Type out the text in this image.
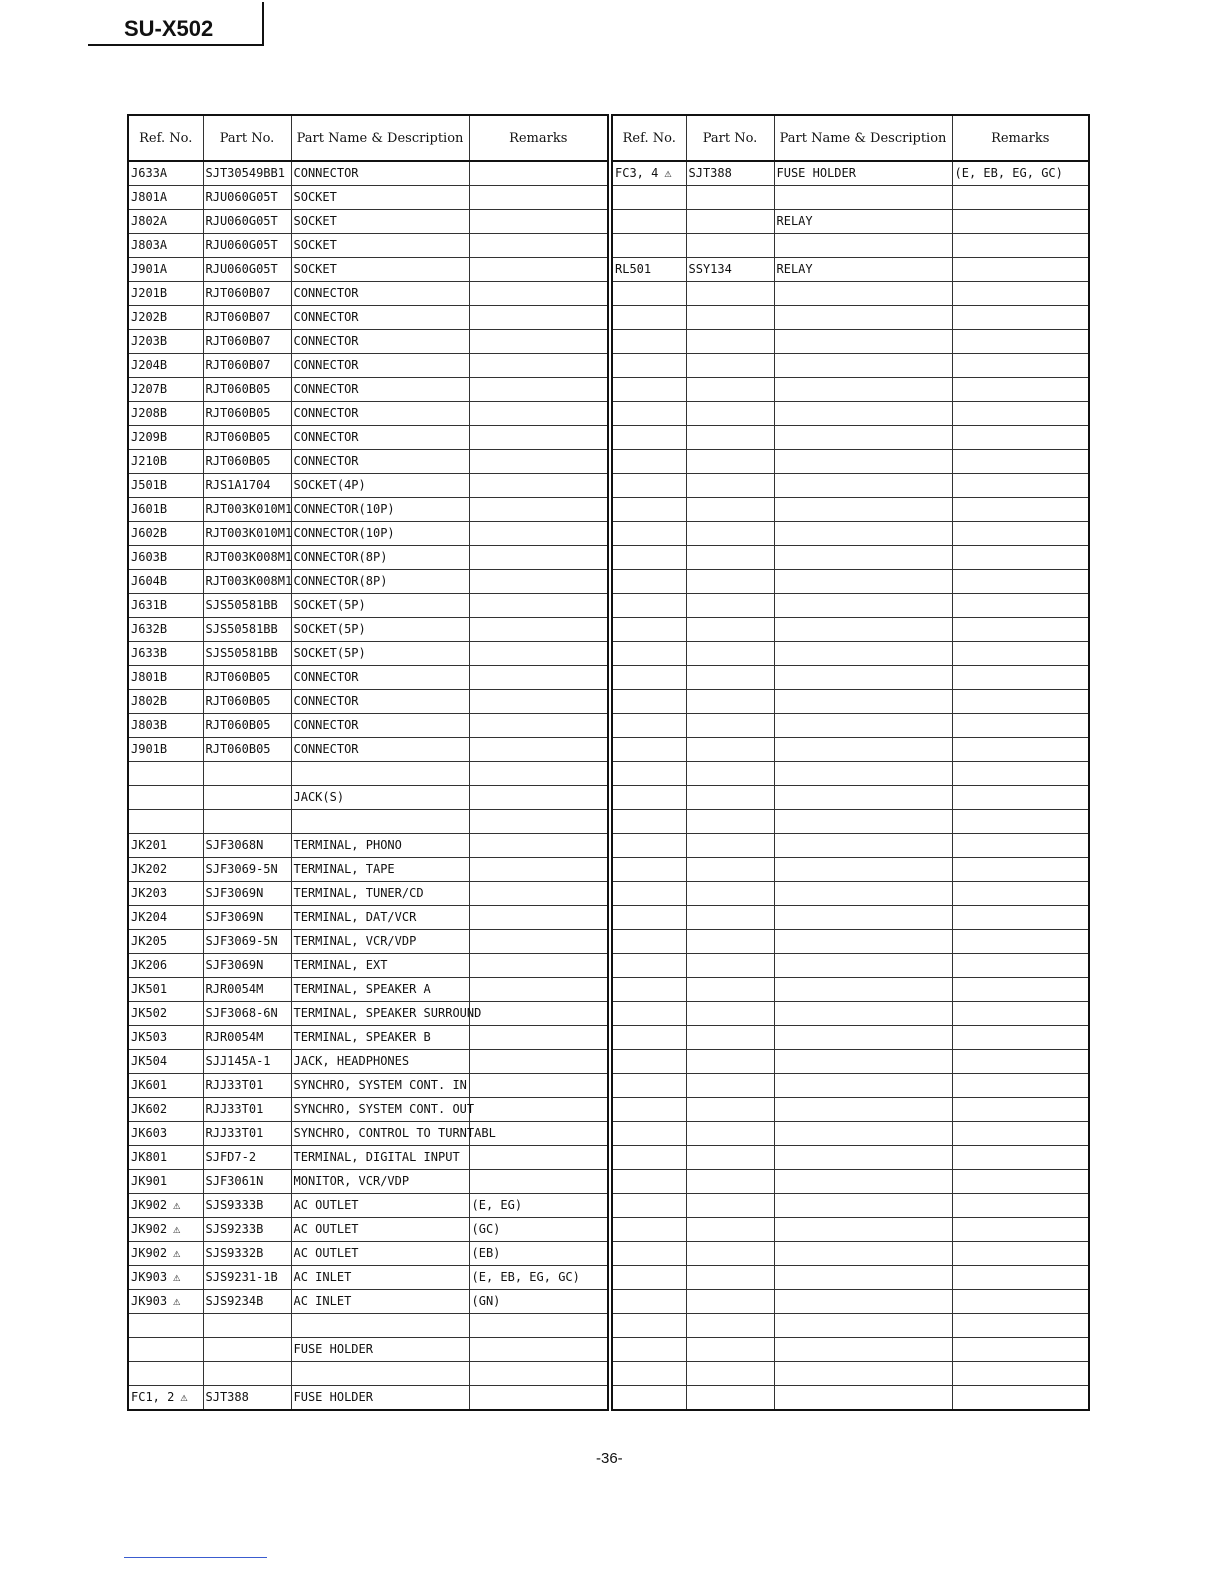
SU-X502
Ref. No.	Part No.	Part Name & Description	Remarks
J633A	SJT30549BB1	CONNECTOR	
J801A	RJU060G05T	SOCKET	
J802A	RJU060G05T	SOCKET	
J803A	RJU060G05T	SOCKET	
J901A	RJU060G05T	SOCKET	
J201B	RJT060B07	CONNECTOR	
J202B	RJT060B07	CONNECTOR	
J203B	RJT060B07	CONNECTOR	
J204B	RJT060B07	CONNECTOR	
J207B	RJT060B05	CONNECTOR	
J208B	RJT060B05	CONNECTOR	
J209B	RJT060B05	CONNECTOR	
J210B	RJT060B05	CONNECTOR	
J501B	RJS1A1704	SOCKET(4P)	
J601B	RJT003K010M1	CONNECTOR(10P)	
J602B	RJT003K010M1	CONNECTOR(10P)	
J603B	RJT003K008M1	CONNECTOR(8P)	
J604B	RJT003K008M1	CONNECTOR(8P)	
J631B	SJS50581BB	SOCKET(5P)	
J632B	SJS50581BB	SOCKET(5P)	
J633B	SJS50581BB	SOCKET(5P)	
J801B	RJT060B05	CONNECTOR	
J802B	RJT060B05	CONNECTOR	
J803B	RJT060B05	CONNECTOR	
J901B	RJT060B05	CONNECTOR	

		JACK(S)	

JK201	SJF3068N	TERMINAL, PHONO	
JK202	SJF3069-5N	TERMINAL, TAPE	
JK203	SJF3069N	TERMINAL, TUNER/CD	
JK204	SJF3069N	TERMINAL, DAT/VCR	
JK205	SJF3069-5N	TERMINAL, VCR/VDP	
JK206	SJF3069N	TERMINAL, EXT	
JK501	RJR0054M	TERMINAL, SPEAKER A	
JK502	SJF3068-6N	TERMINAL, SPEAKER SURROUND	
JK503	RJR0054M	TERMINAL, SPEAKER B	
JK504	SJJ145A-1	JACK, HEADPHONES	
JK601	RJJ33T01	SYNCHRO, SYSTEM CONT. IN	
JK602	RJJ33T01	SYNCHRO, SYSTEM CONT. OUT	
JK603	RJJ33T01	SYNCHRO, CONTROL TO TURNTABL	
JK801	SJFD7-2	TERMINAL, DIGITAL INPUT	
JK901	SJF3061N	MONITOR, VCR/VDP	
JK902 ⚠	SJS9333B	AC OUTLET	(E, EG)
JK902 ⚠	SJS9233B	AC OUTLET	(GC)
JK902 ⚠	SJS9332B	AC OUTLET	(EB)
JK903 ⚠	SJS9231-1B	AC INLET	(E, EB, EG, GC)
JK903 ⚠	SJS9234B	AC INLET	(GN)

		FUSE HOLDER	

FC1, 2 ⚠	SJT388	FUSE HOLDER	
Ref. No.	Part No.	Part Name & Description	Remarks
FC3, 4 ⚠	SJT388	FUSE HOLDER	(E, EB, EG, GC)

		RELAY	

RL501	SSY134	RELAY	

-36-
